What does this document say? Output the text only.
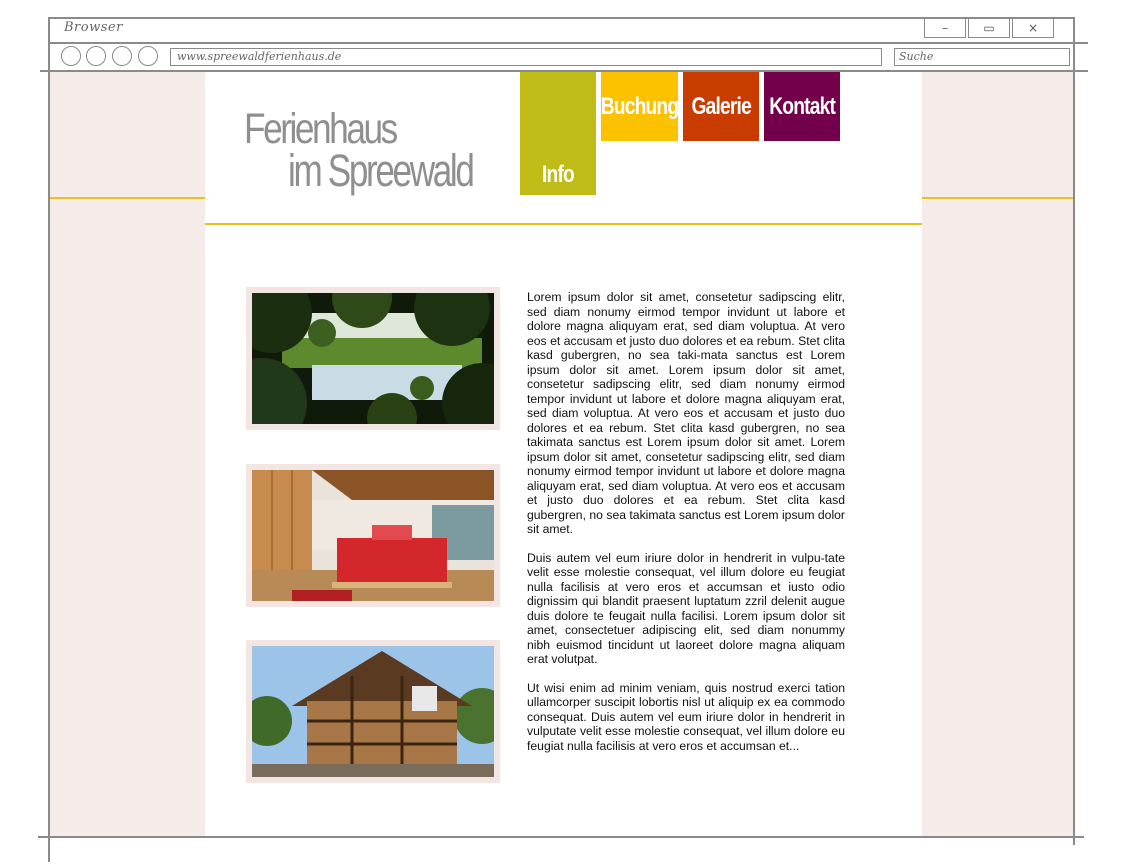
Browser	–	▭	×
www.spreewaldferienhaus.de	Suche
Ferienhaus
im Spreewald	Info
Buchung Galerie Kontakt

Lorem ipsum dolor sit amet, consetetur sadipscing elitr, sed diam nonumy eirmod tempor invidunt ut labore et dolore magna aliquyam erat, sed diam voluptua. At vero eos et accusam et justo duo dolores et ea rebum. Stet clita kasd gubergren, no sea taki-mata sanctus est Lorem ipsum dolor sit amet. Lorem ipsum dolor sit amet, consetetur sadipscing elitr, sed diam nonumy eirmod tempor invidunt ut labore et dolore magna aliquyam erat, sed diam voluptua. At vero eos et accusam et justo duo dolores et ea rebum. Stet clita kasd gubergren, no sea takimata sanctus est Lorem ipsum dolor sit amet. Lorem ipsum dolor sit amet, consetetur sadipscing elitr, sed diam nonumy eirmod tempor invidunt ut labore et dolore magna aliquyam erat, sed diam voluptua. At vero eos et accusam et justo duo dolores et ea rebum. Stet clita kasd gubergren, no sea takimata sanctus est Lorem ipsum dolor sit amet.

Duis autem vel eum iriure dolor in hendrerit in vulpu-tate velit esse molestie consequat, vel illum dolore eu feugiat nulla facilisis at vero eros et accumsan et iusto odio dignissim qui blandit praesent luptatum zzril delenit augue duis dolore te feugait nulla facilisi. Lorem ipsum dolor sit amet, consectetuer adipiscing elit, sed diam nonummy nibh euismod tincidunt ut laoreet dolore magna aliquam erat volutpat.

Ut wisi enim ad minim veniam, quis nostrud exerci tation ullamcorper suscipit lobortis nisl ut aliquip ex ea commodo consequat. Duis autem vel eum iriure dolor in hendrerit in vulputate velit esse molestie consequat, vel illum dolore eu feugiat nulla facilisis at vero eros et accumsan et...
